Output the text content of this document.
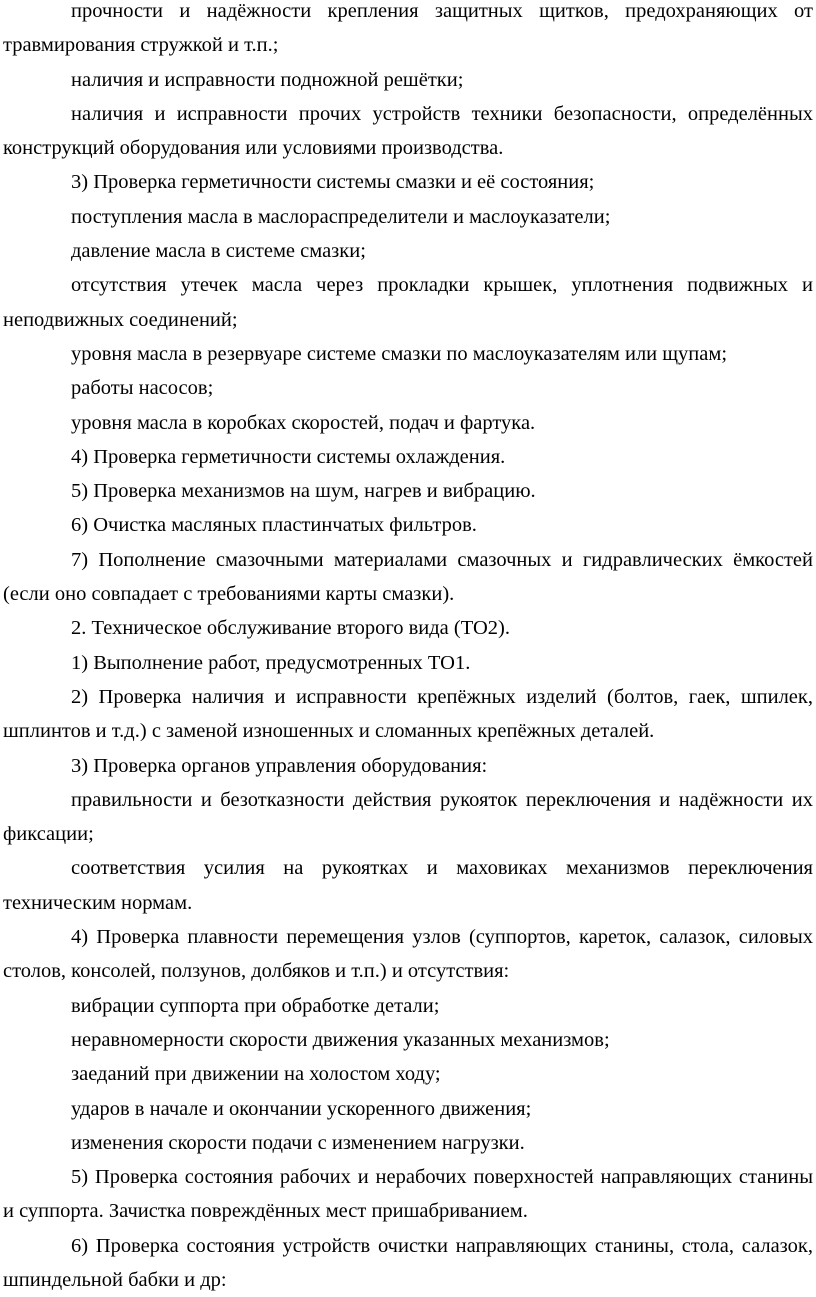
прочности и надёжности крепления защитных щитков, предохраняющих от травмирования стружкой и т.п.;

наличия и исправности подножной решётки;

наличия и исправности прочих устройств техники безопасности, определённых конструкций оборудования или условиями производства.

3) Проверка герметичности системы смазки и её состояния;

поступления масла в маслораспределители и маслоуказатели;

давление масла в системе смазки;

отсутствия утечек масла через прокладки крышек, уплотнения подвижных и неподвижных соединений;

уровня масла в резервуаре системе смазки по маслоуказателям или щупам;

работы насосов;

уровня масла в коробках скоростей, подач и фартука.

4) Проверка герметичности системы охлаждения.

5) Проверка механизмов на шум, нагрев и вибрацию.

6) Очистка масляных пластинчатых фильтров.

7) Пополнение смазочными материалами смазочных и гидравлических ёмкостей (если оно совпадает с требованиями карты смазки).

2. Техническое обслуживание второго вида (ТО2).

1) Выполнение работ, предусмотренных ТО1.

2) Проверка наличия и исправности крепёжных изделий (болтов, гаек, шпилек, шплинтов и т.д.) с заменой изношенных и сломанных крепёжных деталей.

3) Проверка органов управления оборудования:

правильности и безотказности действия рукояток переключения и надёжности их фиксации;

соответствия усилия на рукоятках и маховиках механизмов переключения техническим нормам.

4) Проверка плавности перемещения узлов (суппортов, кареток, салазок, силовых столов, консолей, ползунов, долбяков и т.п.) и отсутствия:

вибрации суппорта при обработке детали;

неравномерности скорости движения указанных механизмов;

заеданий при движении на холостом ходу;

ударов в начале и окончании ускоренного движения;

изменения скорости подачи с изменением нагрузки.

5) Проверка состояния рабочих и нерабочих поверхностей направляющих станины и суппорта. Зачистка повреждённых мест пришабриванием.

6) Проверка состояния устройств очистки направляющих станины, стола, салазок, шпиндельной бабки и др:
